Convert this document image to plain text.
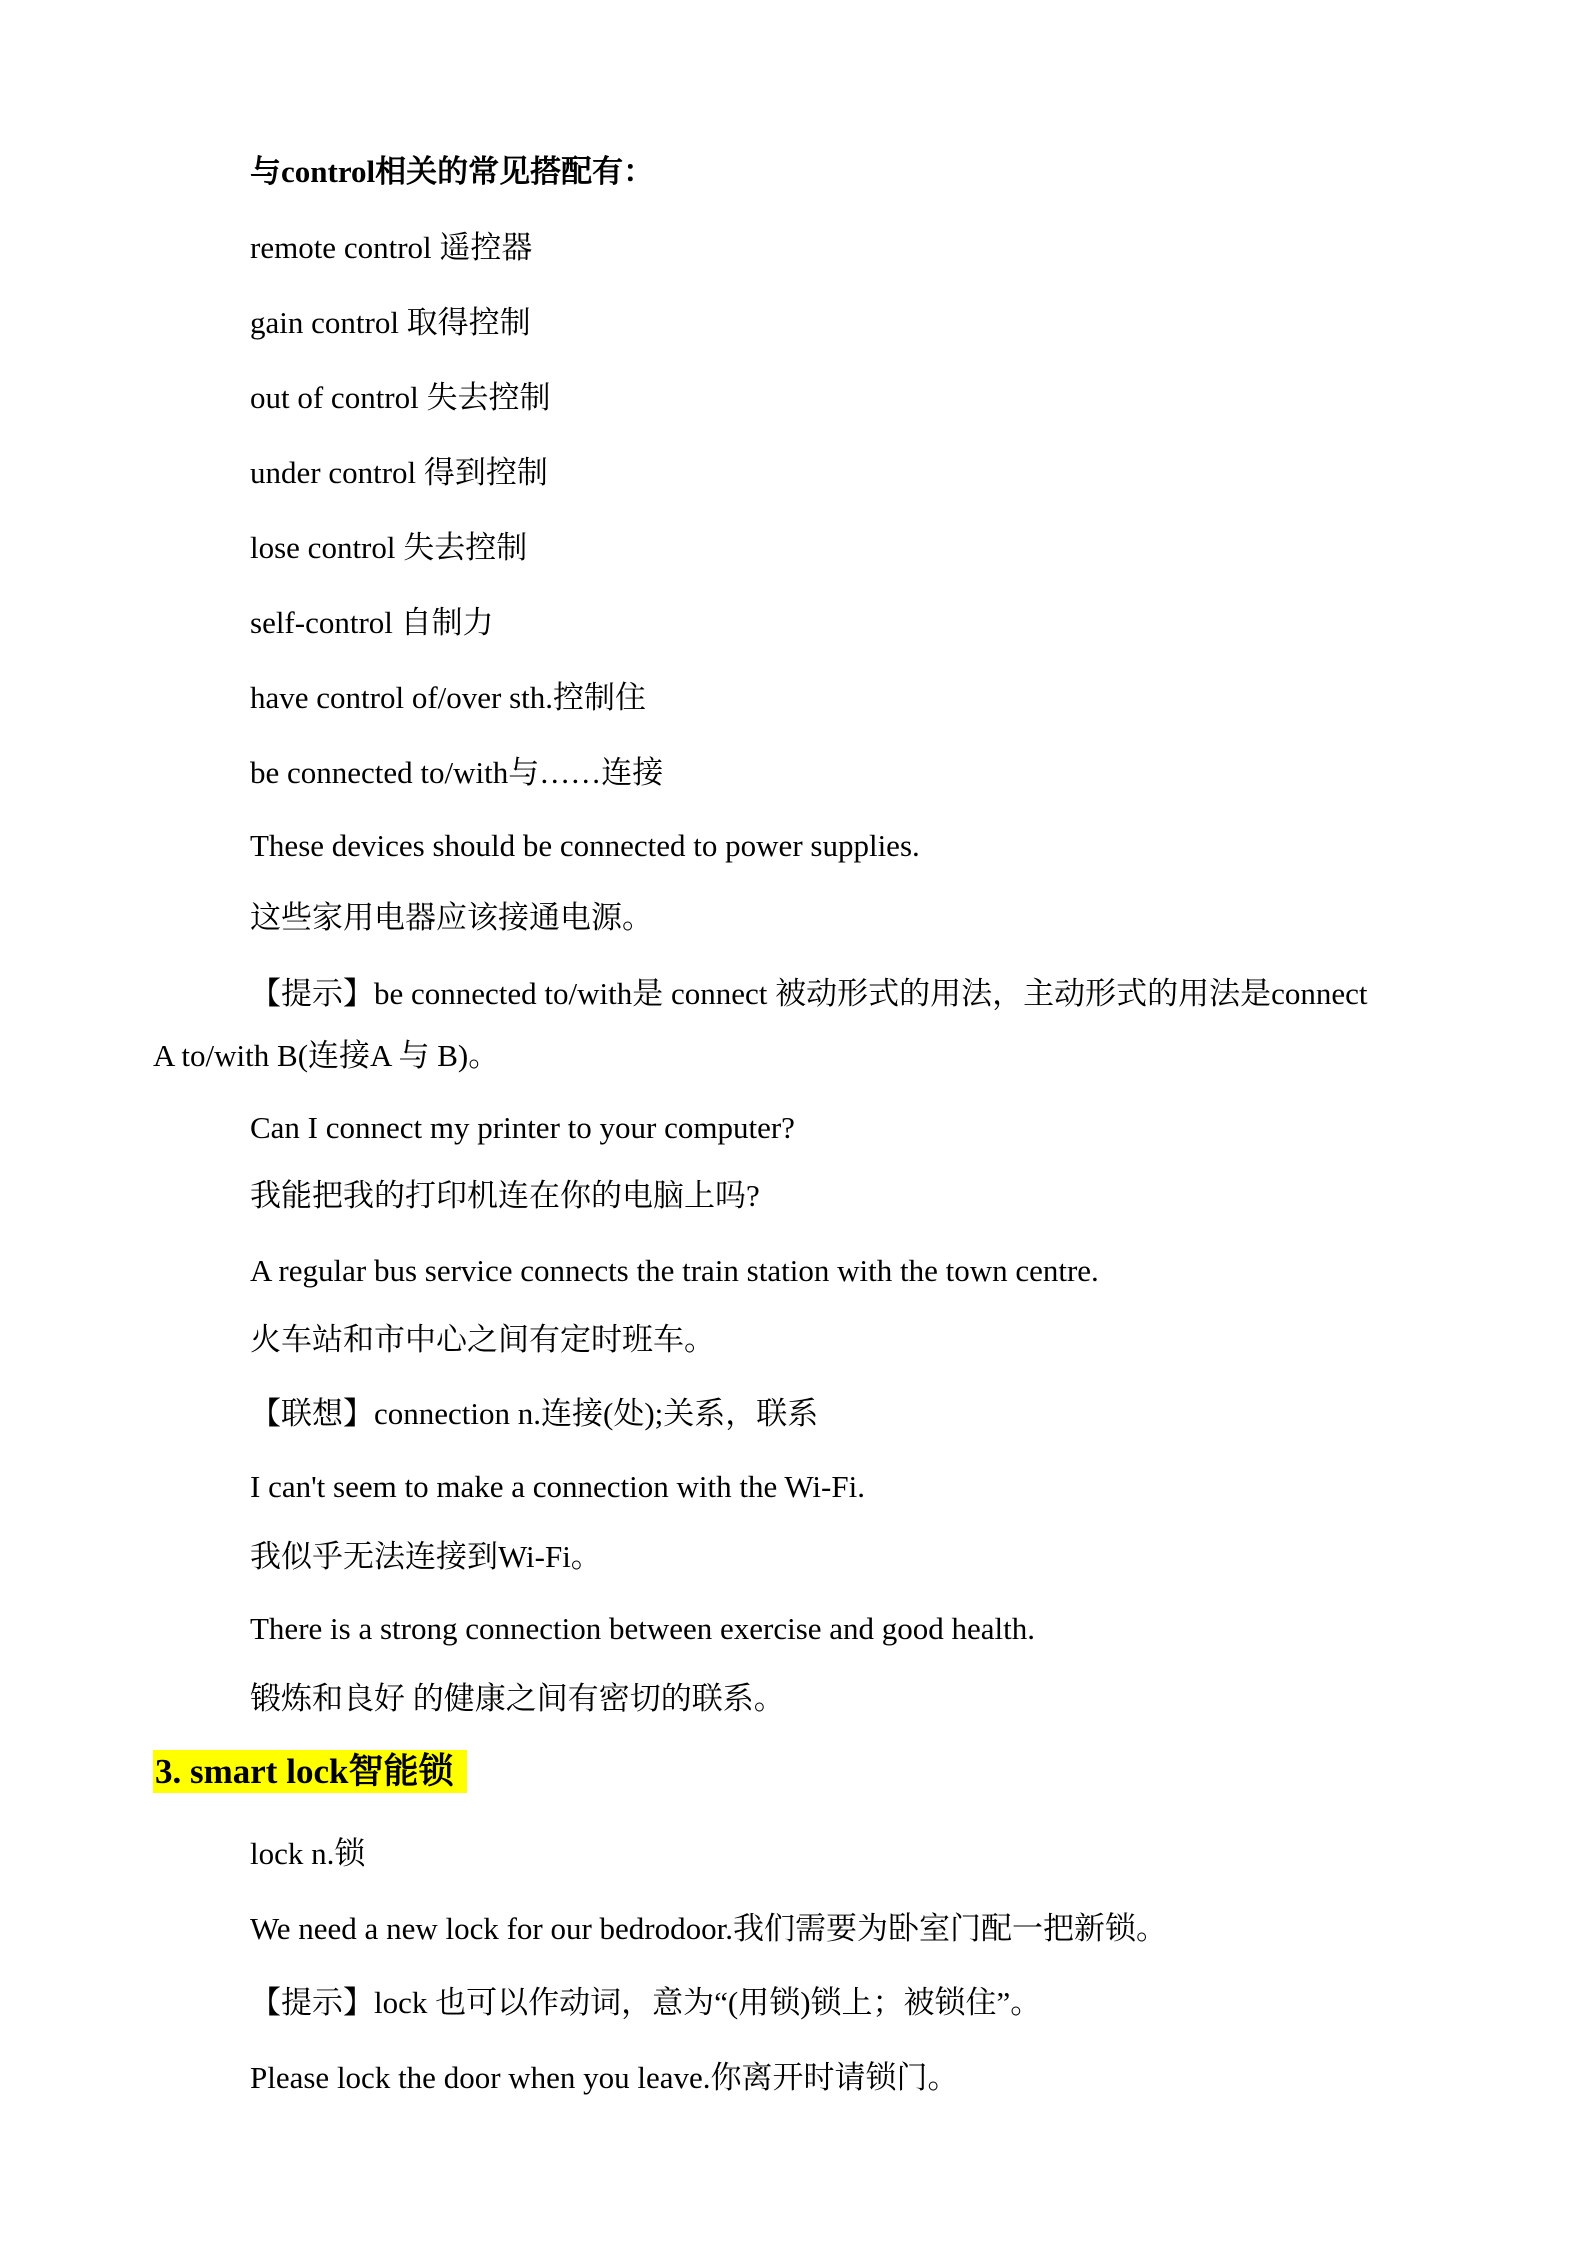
与control相关的常见搭配有：
remote control 遥控器
gain control 取得控制
out of control 失去控制
under control 得到控制
lose control 失去控制
self-control 自制力
have control of/over sth.控制住
be connected to/with与……连接
These devices should be connected to power supplies.
这些家用电器应该接通电源。
【提示】be connected to/with是 connect 被动形式的用法，主动形式的用法是connect
A to/with B(连接A 与 B)。
Can I connect my printer to your computer?
我能把我的打印机连在你的电脑上吗?
A regular bus service connects the train station with the town centre.
火车站和市中心之间有定时班车。
【联想】connection n.连接(处);关系，联系
I can't seem to make a connection with the Wi-Fi.
我似乎无法连接到Wi-Fi。
There is a strong connection between exercise and good health.
锻炼和良好 的健康之间有密切的联系。
3. smart lock智能锁
lock n.锁
We need a new lock for our bedrodoor.我们需要为卧室门配一把新锁。
【提示】lock 也可以作动词，意为“(用锁)锁上；被锁住”。
Please lock the door when you leave.你离开时请锁门。
